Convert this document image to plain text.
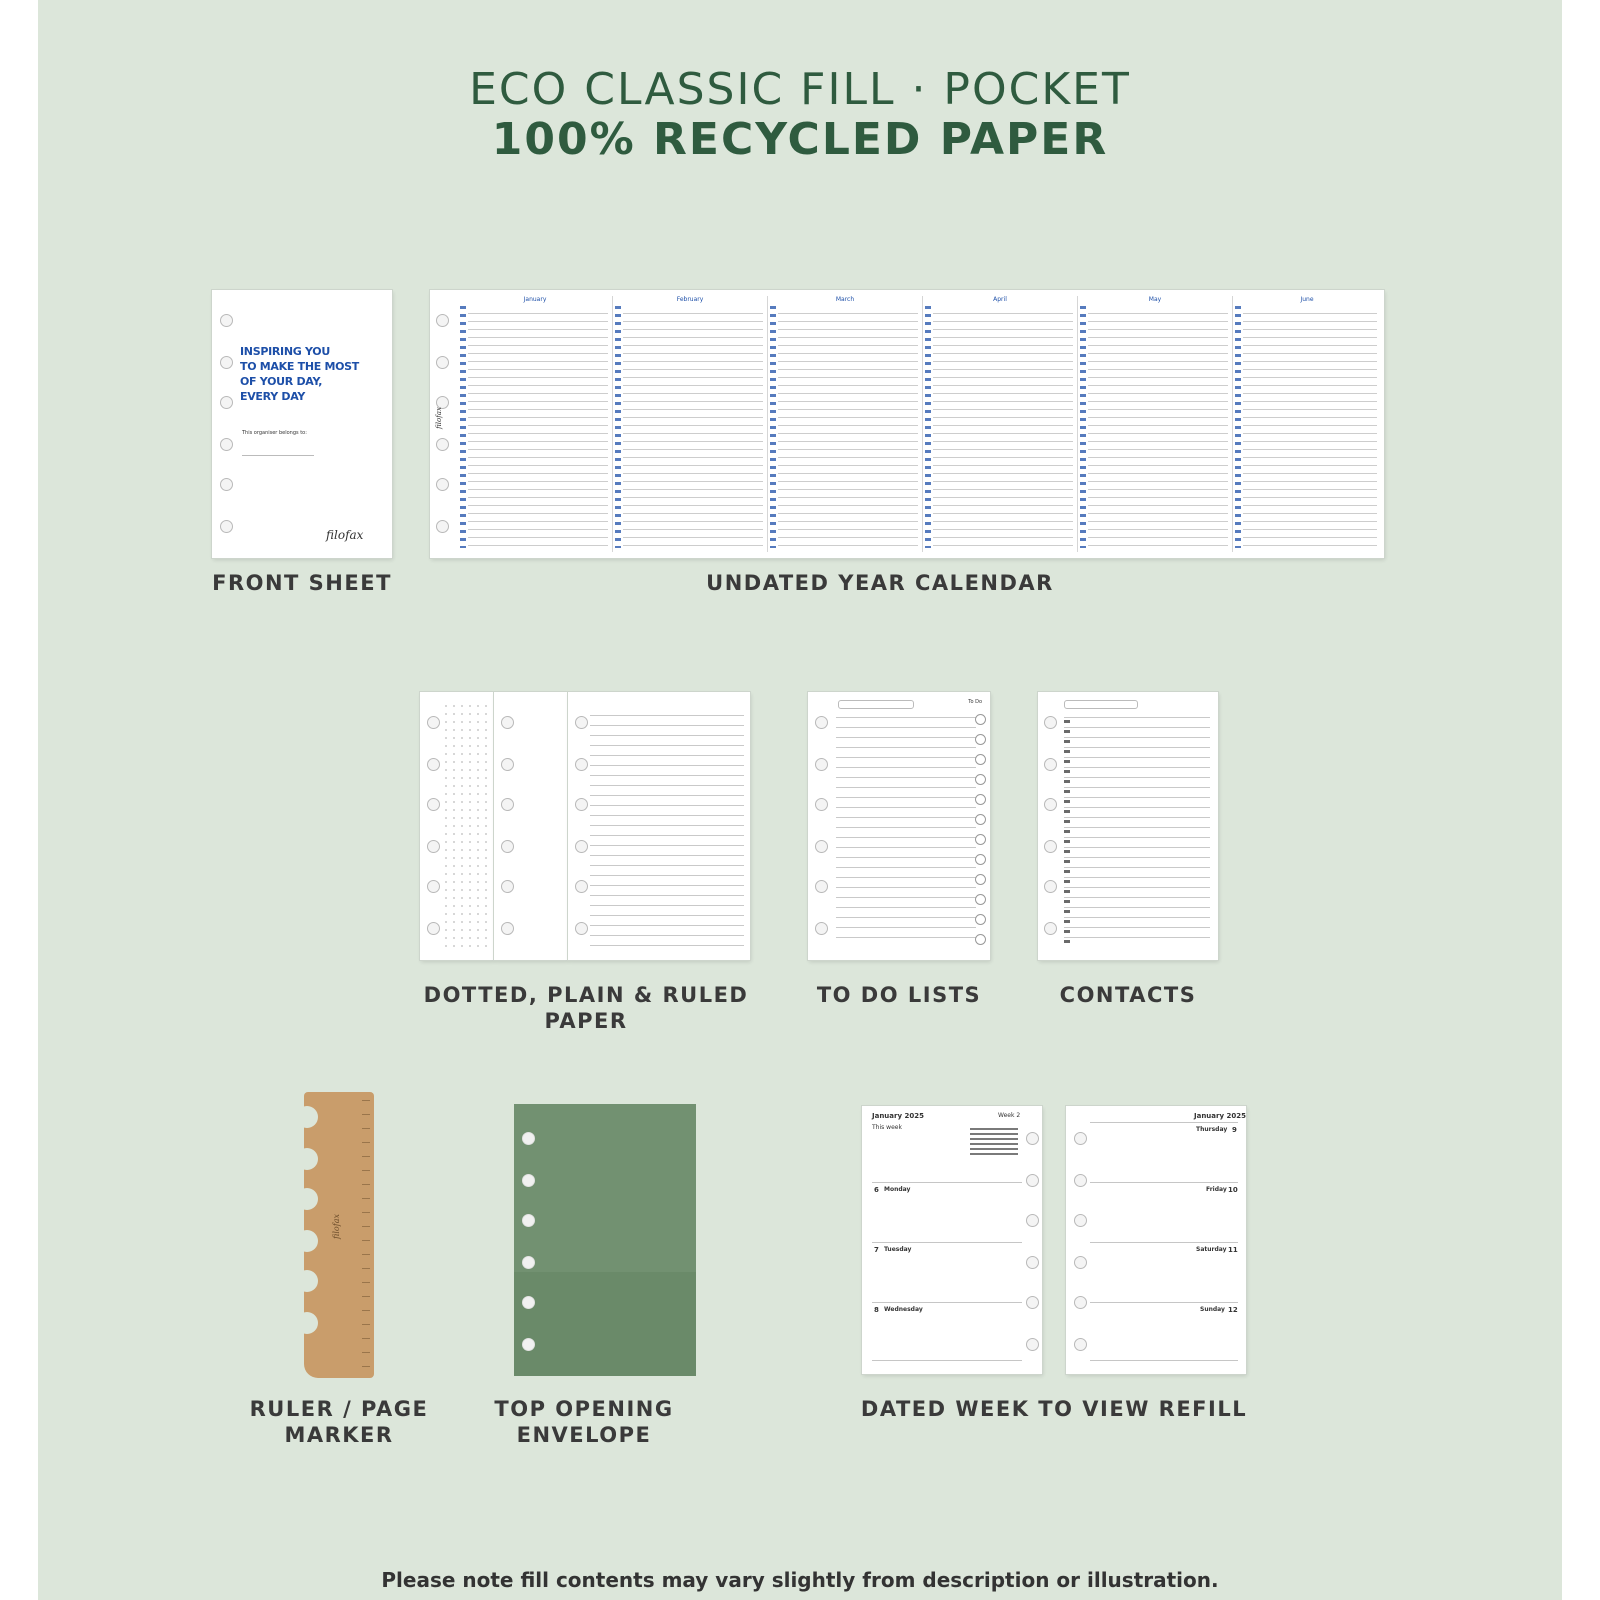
ECO CLASSIC FILL · POCKET
100% RECYCLED PAPER
INSPIRING YOU
TO MAKE THE MOST
OF YOUR DAY,
EVERY DAY
This organiser belongs to:
filofax
FRONT SHEET
filofax
January	February	March	April	May	June
UNDATED YEAR CALENDAR
DOTTED, PLAIN & RULED PAPER
To Do
TO DO LISTS	CONTACTS
filofax
RULER / PAGE
MARKER
TOP OPENING
ENVELOPE
January 2025	Week 2
This week
6 Monday
7 Tuesday
8 Wednesday
January 2025
Thursday 9
Friday 10
Saturday 11
Sunday 12
DATED WEEK TO VIEW REFILL
Please note fill contents may vary slightly from description or illustration.
